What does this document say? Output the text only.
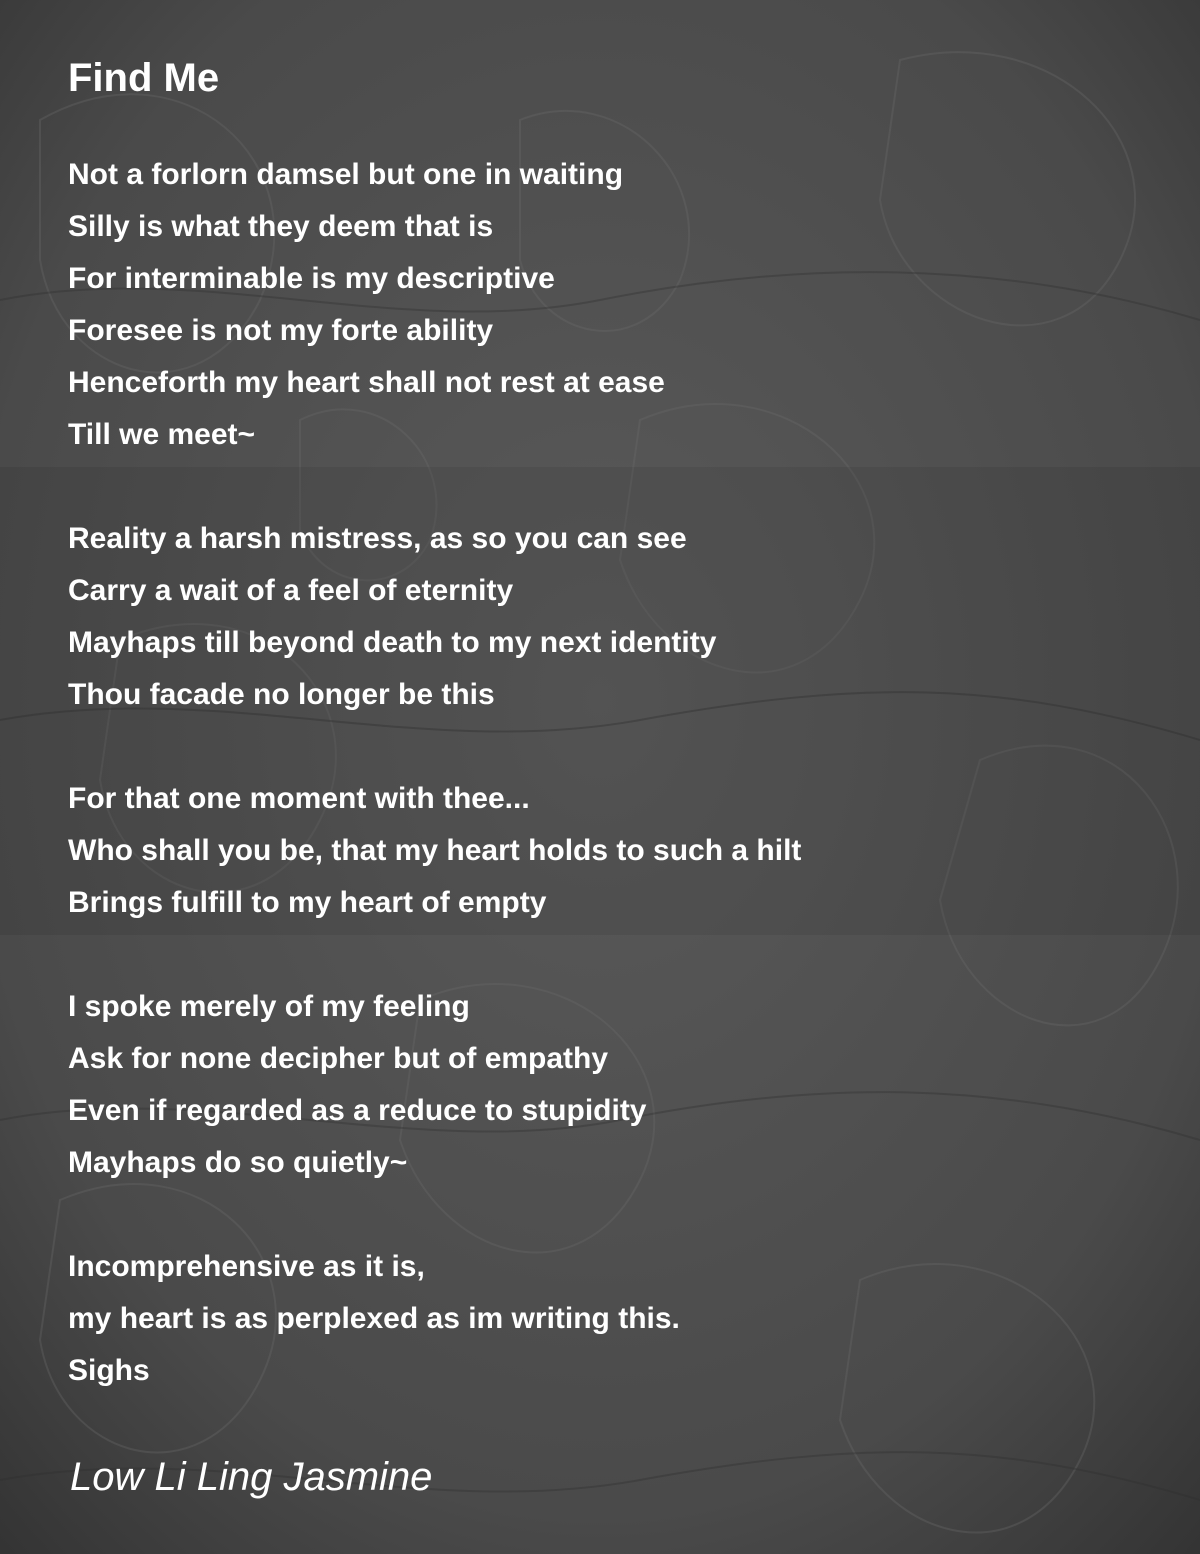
Find Me
Not a forlorn damsel but one in waiting
Silly is what they deem that is
For interminable is my descriptive
Foresee is not my forte ability
Henceforth my heart shall not rest at ease
Till we meet~
Reality a harsh mistress, as so you can see
Carry a wait of a feel of eternity
Mayhaps till beyond death to my next identity
Thou facade no longer be this
For that one moment with thee...
Who shall you be, that my heart holds to such a hilt
Brings fulfill to my heart of empty
I spoke merely of my feeling
Ask for none decipher but of empathy
Even if regarded as a reduce to stupidity
Mayhaps do so quietly~
Incomprehensive as it is,
my heart is as perplexed as im writing this.
Sighs
Low Li Ling Jasmine
